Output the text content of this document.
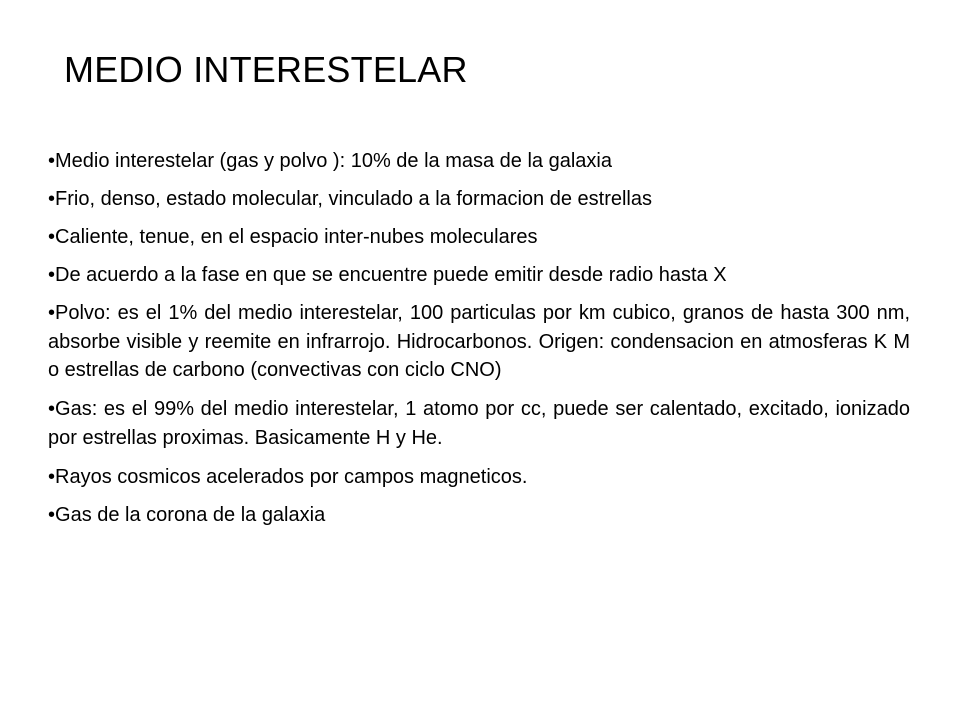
MEDIO INTERESTELAR
•Medio interestelar (gas y polvo ): 10% de la masa de la galaxia
•Frio, denso, estado molecular, vinculado a la formacion de estrellas
•Caliente, tenue, en el espacio inter-nubes moleculares
•De acuerdo a la fase en que se encuentre puede emitir desde radio hasta X
•Polvo: es el 1% del medio interestelar, 100 particulas por km cubico, granos de hasta 300 nm, absorbe visible y reemite en infrarrojo. Hidrocarbonos. Origen: condensacion en atmosferas K M o estrellas de carbono (convectivas con ciclo CNO)
•Gas: es el 99% del medio interestelar, 1 atomo por cc, puede ser calentado, excitado, ionizado por estrellas proximas. Basicamente H y He.
•Rayos cosmicos acelerados por campos magneticos.
•Gas de la corona de la galaxia
